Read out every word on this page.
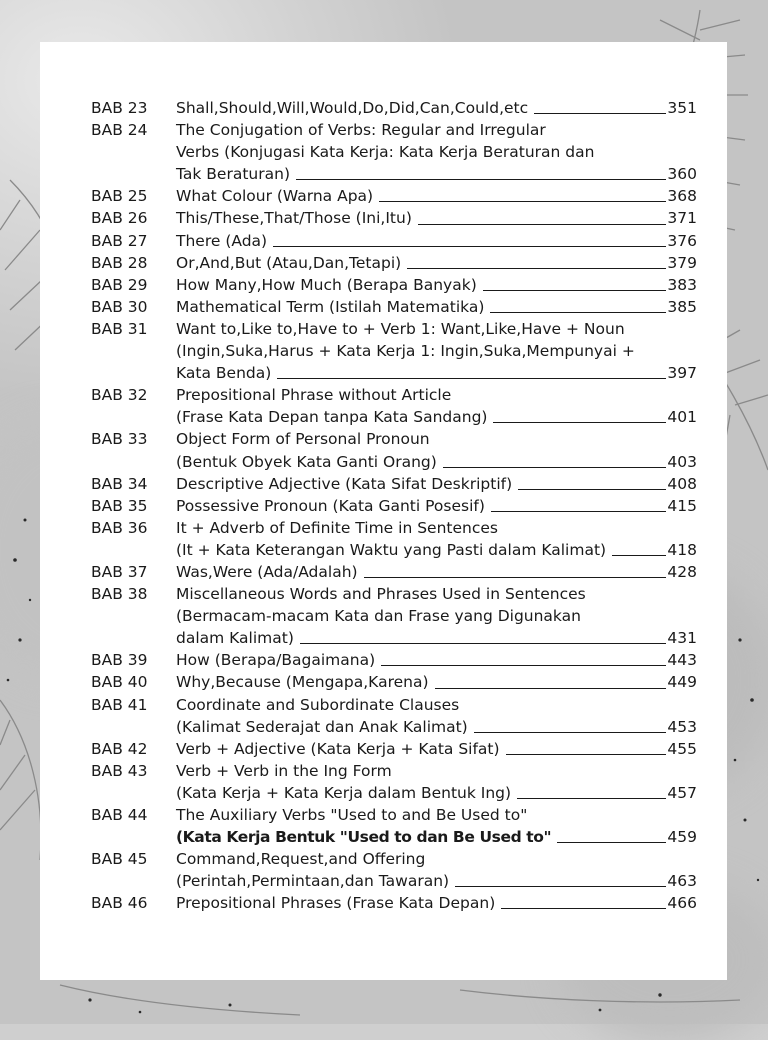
BAB 23	Shall,Should,Will,Would,Do,Did,Can,Could,etc	351
BAB 24	The Conjugation of Verbs: Regular and Irregular
Verbs (Konjugasi Kata Kerja: Kata Kerja Beraturan dan
Tak Beraturan)	360
BAB 25	What Colour (Warna Apa)	368
BAB 26	This/These,That/Those (Ini,Itu)	371
BAB 27	There (Ada)	376
BAB 28	Or,And,But (Atau,Dan,Tetapi)	379
BAB 29	How Many,How Much (Berapa Banyak)	383
BAB 30	Mathematical Term (Istilah Matematika)	385
BAB 31	Want to,Like to,Have to + Verb 1: Want,Like,Have + Noun
(Ingin,Suka,Harus + Kata Kerja 1: Ingin,Suka,Mempunyai +
Kata Benda)	397
BAB 32	Prepositional Phrase without Article
(Frase Kata Depan tanpa Kata Sandang)	401
BAB 33	Object Form of Personal Pronoun
(Bentuk Obyek Kata Ganti Orang)	403
BAB 34	Descriptive Adjective (Kata Sifat Deskriptif)	408
BAB 35	Possessive Pronoun (Kata Ganti Posesif)	415
BAB 36	It + Adverb of Definite Time in Sentences
(It + Kata Keterangan Waktu yang Pasti dalam Kalimat)	418
BAB 37	Was,Were (Ada/Adalah)	428
BAB 38	Miscellaneous Words and Phrases Used in Sentences
(Bermacam-macam Kata dan Frase yang Digunakan
dalam Kalimat)	431
BAB 39	How (Berapa/Bagaimana)	443
BAB 40	Why,Because (Mengapa,Karena)	449
BAB 41	Coordinate and Subordinate Clauses
(Kalimat Sederajat dan Anak Kalimat)	453
BAB 42	Verb + Adjective (Kata Kerja + Kata Sifat)	455
BAB 43	Verb + Verb in the Ing Form
(Kata Kerja + Kata Kerja dalam Bentuk Ing)	457
BAB 44	The Auxiliary Verbs "Used to and Be Used to"
(Kata Kerja Bentuk "Used to dan Be Used to"	459
BAB 45	Command,Request,and Offering
(Perintah,Permintaan,dan Tawaran)	463
BAB 46	Prepositional Phrases (Frase Kata Depan)	466
